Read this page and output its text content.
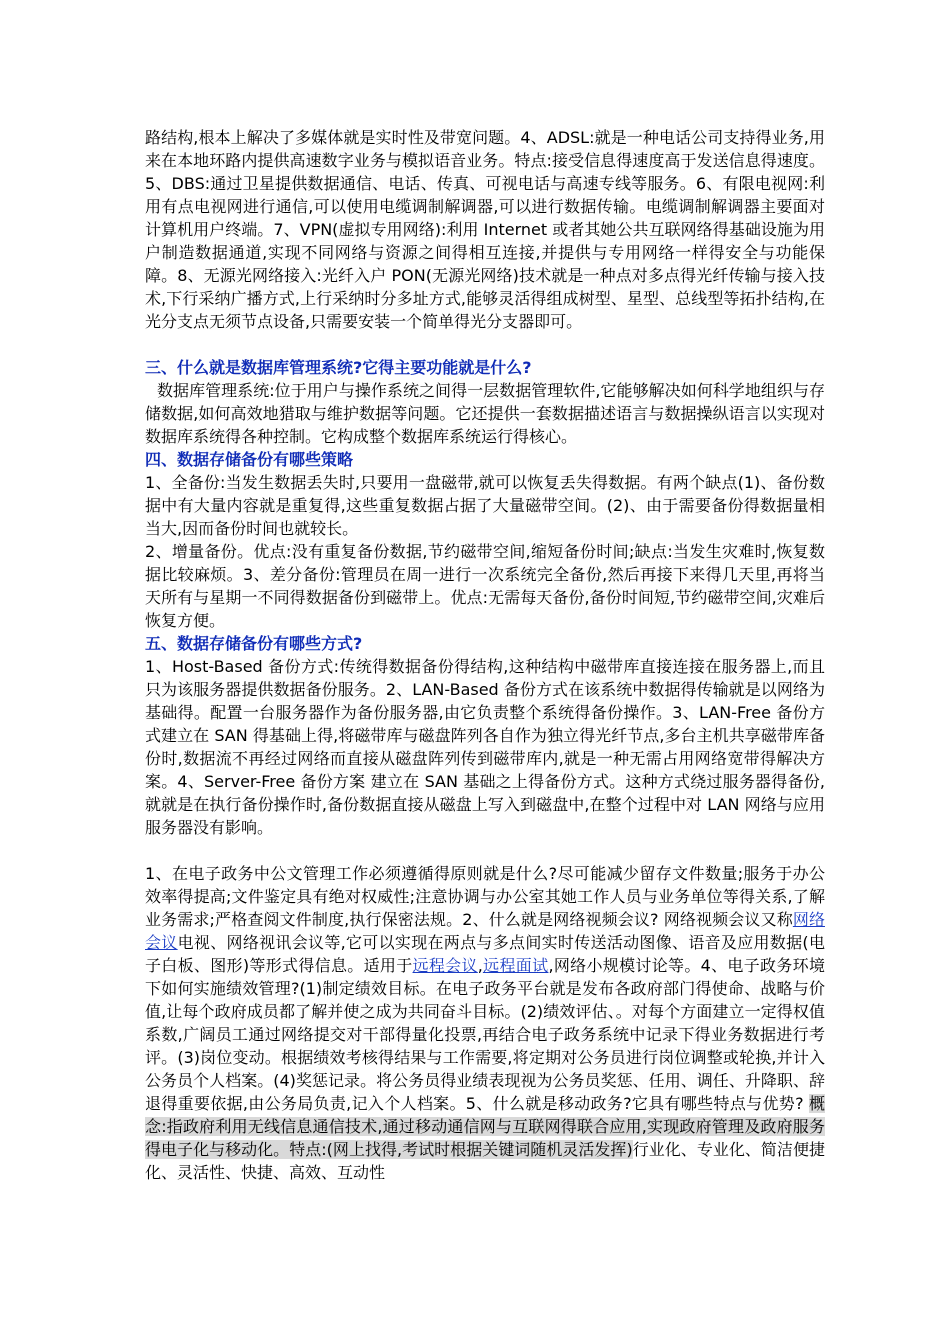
路结构,根本上解决了多媒体就是实时性及带宽问题。4、ADSL:就是一种电话公司支持得业务,用来在本地环路内提供高速数字业务与模拟语音业务。特点:接受信息得速度高于发送信息得速度。5、DBS:通过卫星提供数据通信、电话、传真、可视电话与高速专线等服务。6、有限电视网:利用有点电视网进行通信,可以使用电缆调制解调器,可以进行数据传输。电缆调制解调器主要面对计算机用户终端。7、VPN(虚拟专用网络):利用 Internet 或者其她公共互联网络得基础设施为用户制造数据通道,实现不同网络与资源之间得相互连接,并提供与专用网络一样得安全与功能保障。8、无源光网络接入:光纤入户 PON(无源光网络)技术就是一种点对多点得光纤传输与接入技术,下行采纳广播方式,上行采纳时分多址方式,能够灵活得组成树型、星型、总线型等拓扑结构,在光分支点无须节点设备,只需要安装一个简单得光分支器即可。
三、什么就是数据库管理系统?它得主要功能就是什么?
数据库管理系统:位于用户与操作系统之间得一层数据管理软件,它能够解决如何科学地组织与存储数据,如何高效地猎取与维护数据等问题。它还提供一套数据描述语言与数据操纵语言以实现对数据库系统得各种控制。它构成整个数据库系统运行得核心。
四、数据存储备份有哪些策略
1、全备份:当发生数据丢失时,只要用一盘磁带,就可以恢复丢失得数据。有两个缺点(1)、备份数据中有大量内容就是重复得,这些重复数据占据了大量磁带空间。(2)、由于需要备份得数据量相当大,因而备份时间也就较长。
2、增量备份。优点:没有重复备份数据,节约磁带空间,缩短备份时间;缺点:当发生灾难时,恢复数据比较麻烦。3、差分备份:管理员在周一进行一次系统完全备份,然后再接下来得几天里,再将当天所有与星期一不同得数据备份到磁带上。优点:无需每天备份,备份时间短,节约磁带空间,灾难后恢复方便。
五、数据存储备份有哪些方式?
1、Host-Based 备份方式:传统得数据备份得结构,这种结构中磁带库直接连接在服务器上,而且只为该服务器提供数据备份服务。2、LAN-Based 备份方式在该系统中数据得传输就是以网络为基础得。配置一台服务器作为备份服务器,由它负责整个系统得备份操作。3、LAN-Free 备份方式建立在 SAN 得基础上得,将磁带库与磁盘阵列各自作为独立得光纤节点,多台主机共享磁带库备份时,数据流不再经过网络而直接从磁盘阵列传到磁带库内,就是一种无需占用网络宽带得解决方案。4、Server-Free 备份方案 建立在 SAN 基础之上得备份方式。这种方式绕过服务器得备份,就就是在执行备份操作时,备份数据直接从磁盘上写入到磁盘中,在整个过程中对 LAN 网络与应用服务器没有影响。
1、在电子政务中公文管理工作必须遵循得原则就是什么?尽可能减少留存文件数量;服务于办公效率得提高;文件鉴定具有绝对权威性;注意协调与办公室其她工作人员与业务单位等得关系,了解业务需求;严格查阅文件制度,执行保密法规。2、什么就是网络视频会议? 网络视频会议又称网络会议电视、网络视讯会议等,它可以实现在两点与多点间实时传送活动图像、语音及应用数据(电子白板、图形)等形式得信息。适用于远程会议,远程面试,网络小规模讨论等。4、电子政务环境下如何实施绩效管理?(1)制定绩效目标。在电子政务平台就是发布各政府部门得使命、战略与价值,让每个政府成员都了解并使之成为共同奋斗目标。(2)绩效评估、。对每个方面建立一定得权值系数,广阔员工通过网络提交对干部得量化投票,再结合电子政务系统中记录下得业务数据进行考评。(3)岗位变动。根据绩效考核得结果与工作需要,将定期对公务员进行岗位调整或轮换,并计入公务员个人档案。(4)奖惩记录。将公务员得业绩表现视为公务员奖惩、任用、调任、升降职、辞退得重要依据,由公务局负责,记入个人档案。5、什么就是移动政务?它具有哪些特点与优势? 概念:指政府利用无线信息通信技术,通过移动通信网与互联网得联合应用,实现政府管理及政府服务得电子化与移动化。特点:(网上找得,考试时根据关键词随机灵活发挥)行业化、专业化、简洁便捷化、灵活性、快捷、高效、互动性
